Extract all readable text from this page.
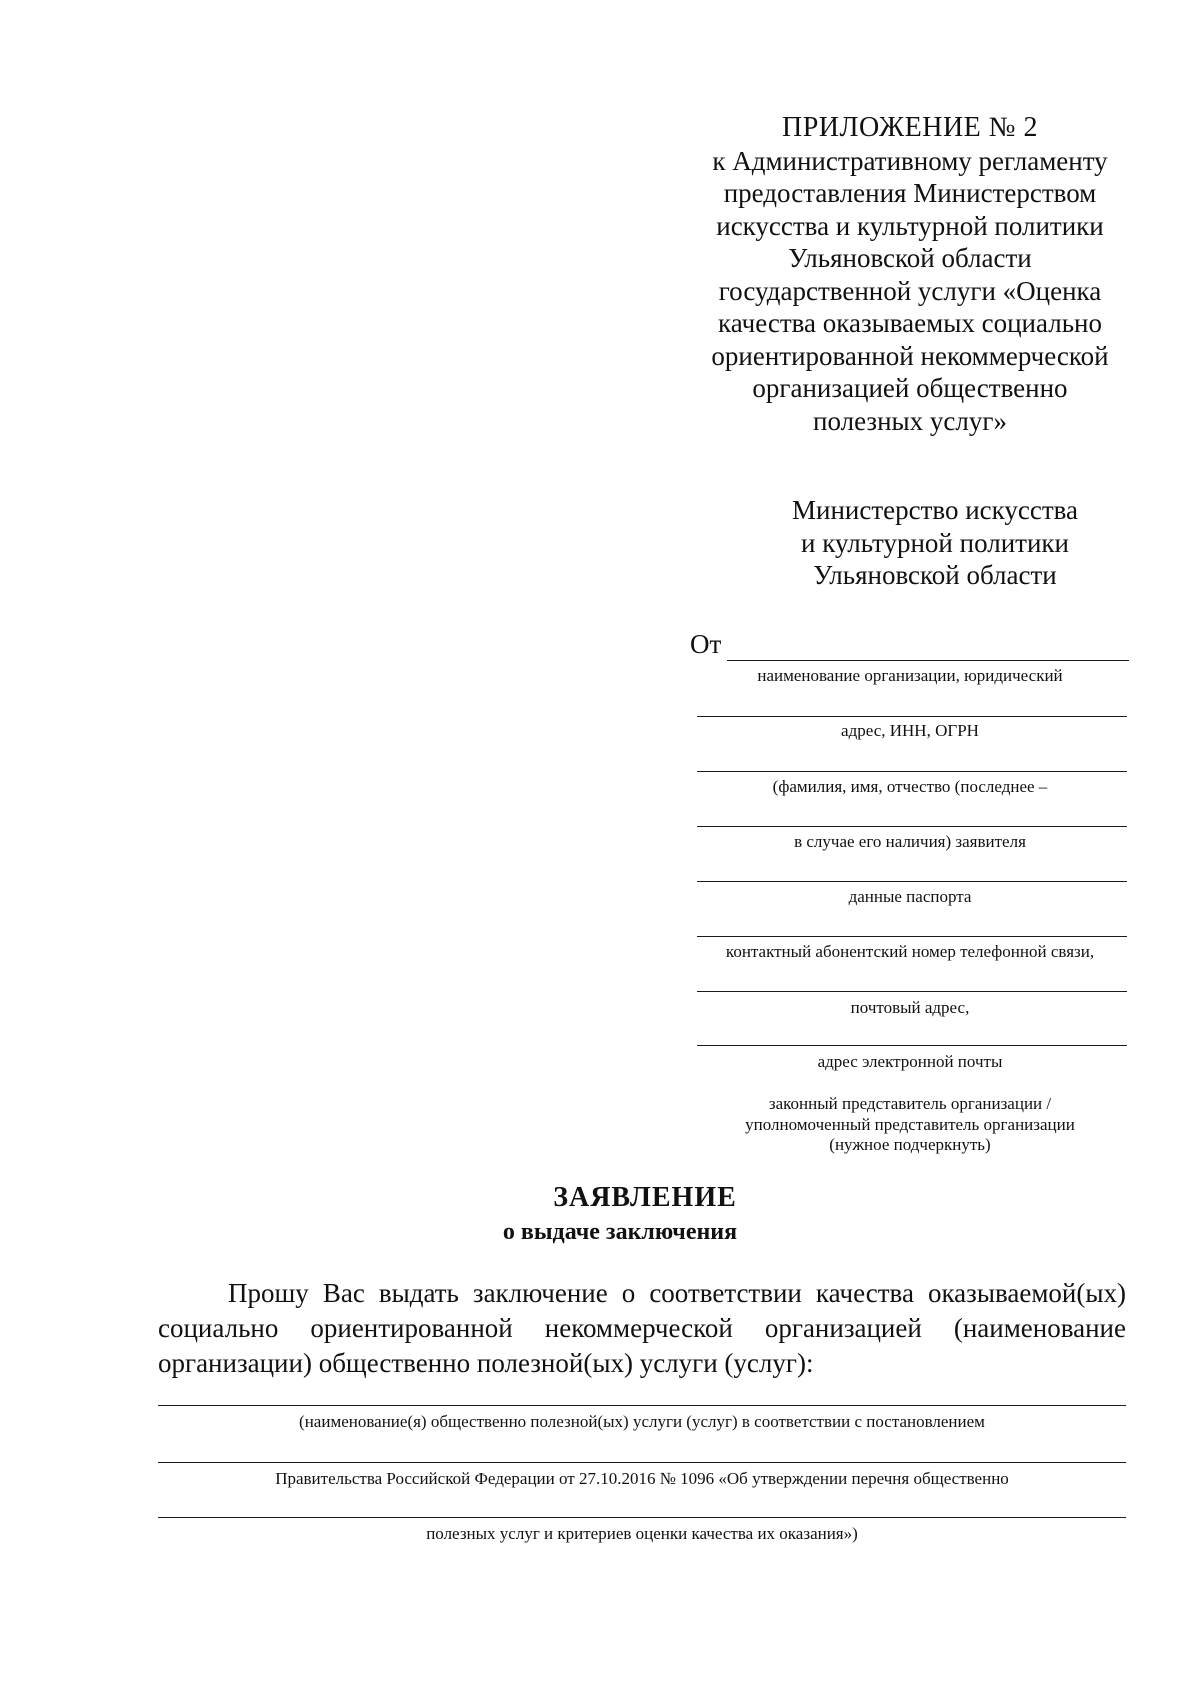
ПРИЛОЖЕНИЕ № 2
к Административному регламенту
предоставления Министерством
искусства и культурной политики
Ульяновской области
государственной услуги «Оценка
качества оказываемых социально
ориентированной некоммерческой
организацией общественно
полезных услуг»
Министерство искусства
и культурной политики
Ульяновской области
От
наименование организации, юридический
адрес, ИНН, ОГРН
(фамилия, имя, отчество (последнее –
в случае его наличия) заявителя
данные паспорта
контактный абонентский номер телефонной связи,
почтовый адрес,
адрес электронной почты
законный представитель организации /
уполномоченный представитель организации
(нужное подчеркнуть)
ЗАЯВЛЕНИЕ
о выдаче заключения
Прошу Вас выдать заключение о соответствии качества оказываемой(ых) социально ориентированной некоммерческой организацией (наименование организации) общественно полезной(ых) услуги (услуг):
(наименование(я) общественно полезной(ых) услуги (услуг) в соответствии с постановлением
Правительства Российской Федерации от 27.10.2016 № 1096 «Об утверждении перечня общественно
полезных услуг и критериев оценки качества их оказания»)
